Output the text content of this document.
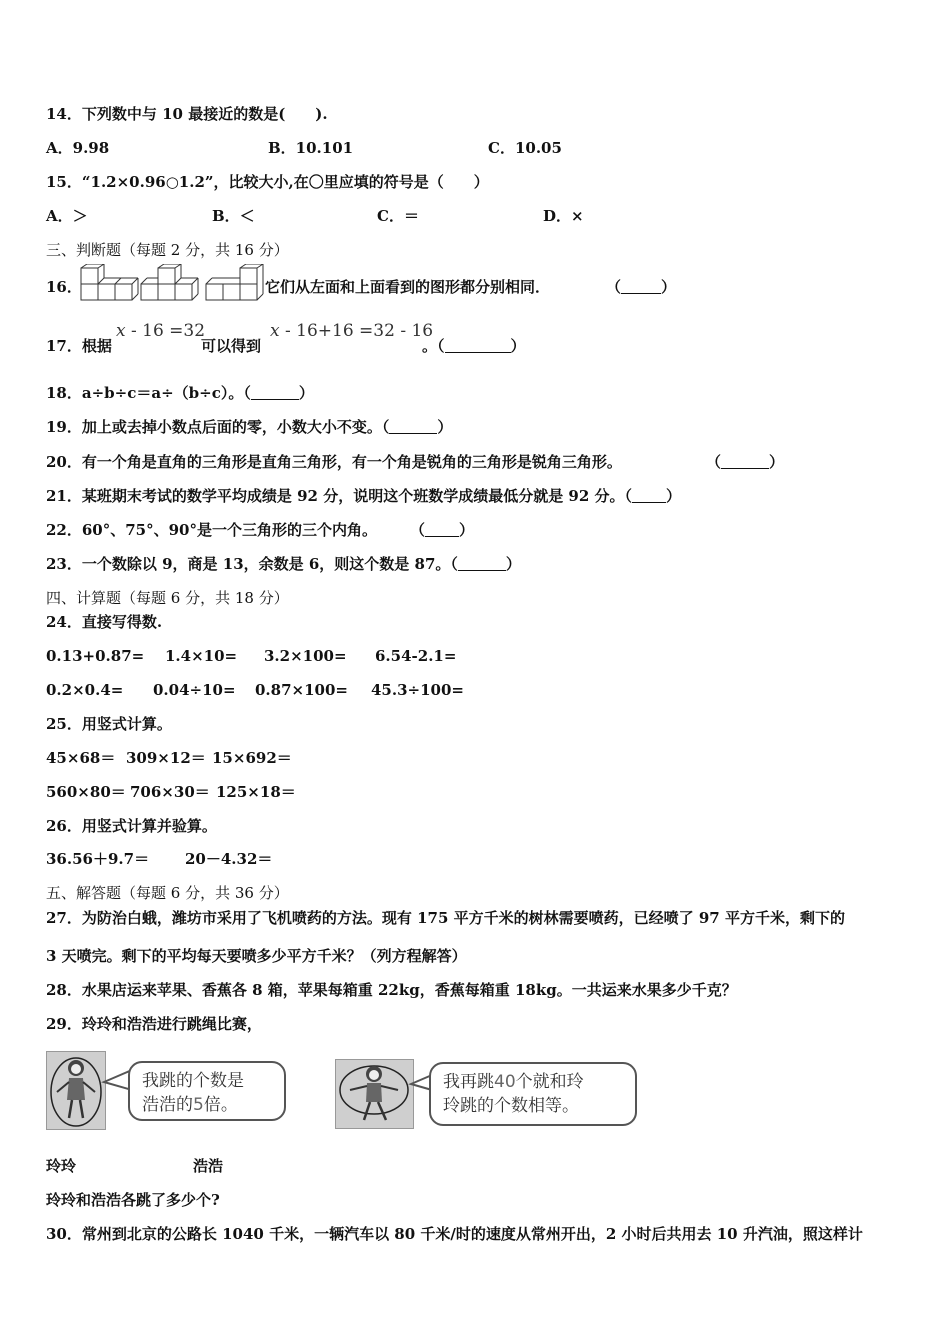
14．下列数中与 10 最接近的数是(　　).
A．9.98	B．10.101	C．10.05
15．“1.2×0.96○1.2”，比较大小,在〇里应填的符号是（　　）
A．＞	B．＜	C．＝	D．×
三、判断题（每题 2 分，共 16 分）
16．	它们从左面和上面看到的图形都分别相同．	（	）
17．根据
x - 16 =32
可以得到
x - 16+16 =32 - 16
。（	）
18．a÷b÷c＝a÷（b÷c）。（	）
19．加上或去掉小数点后面的零，小数大小不变。（	）
20．有一个角是直角的三角形是直角三角形，有一个角是锐角的三角形是锐角三角形。	（	）
21．某班期末考试的数学平均成绩是 92 分，说明这个班数学成绩最低分就是 92 分。（ ）
22．60°、75°、90°是一个三角形的三个内角。 （ ）
23．一个数除以 9，商是 13，余数是 6，则这个数是 87。（	）
四、计算题（每题 6 分，共 18 分）
24．直接写得数.
0.13+0.87= 1.4×10= 3.2×100= 6.54-2.1=
0.2×0.4= 0.04÷10= 0.87×100= 45.3÷100=
25．用竖式计算。
45×68＝ 309×12＝ 15×692＝
560×80＝ 706×30＝ 125×18＝
26．用竖式计算并验算。
36.56＋9.7＝ 20－4.32＝
五、解答题（每题 6 分，共 36 分）
27．为防治白蛾，潍坊市采用了飞机喷药的方法。现有 175 平方千米的树林需要喷药，已经喷了 97 平方千米，剩下的
3 天喷完。剩下的平均每天要喷多少平方千米？（列方程解答）
28．水果店运来苹果、香蕉各 8 箱，苹果每箱重 22kg，香蕉每箱重 18kg。一共运来水果多少千克？
29．玲玲和浩浩进行跳绳比赛，
我跳的个数是
浩浩的5倍。
我再跳40个就和玲
玲跳的个数相等。
玲玲	浩浩
玲玲和浩浩各跳了多少个?
30．常州到北京的公路长 1040 千米，一辆汽车以 80 千米/时的速度从常州开出，2 小时后共用去 10 升汽油，照这样计
